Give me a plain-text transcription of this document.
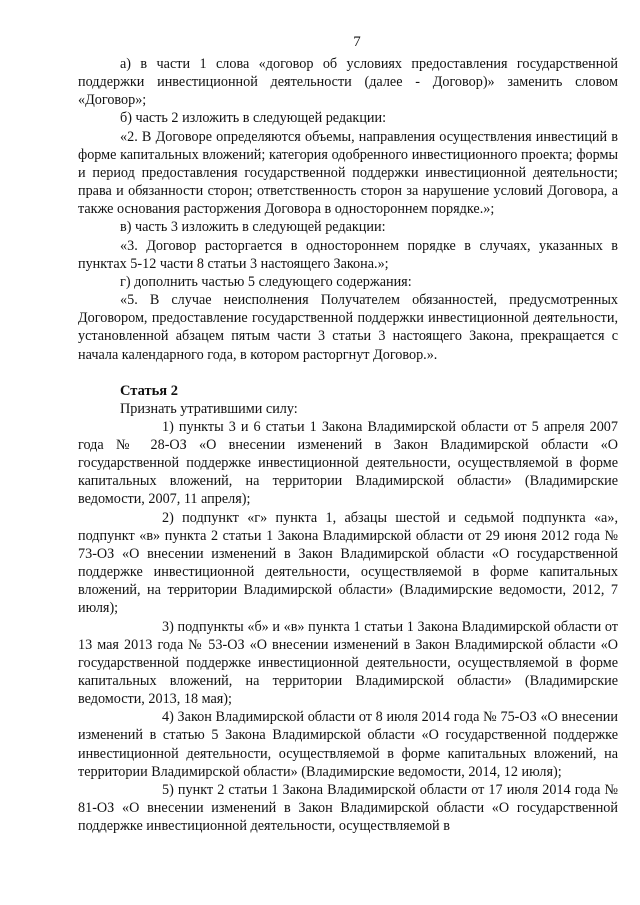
7

а) в части 1 слова «договор об условиях предоставления государственной поддержки инвестиционной деятельности (далее - Договор)» заменить словом «Договор»;

б) часть 2 изложить в следующей редакции:

«2. В Договоре определяются объемы, направления осуществления инвестиций в форме капитальных вложений; категория одобренного инвестиционного проекта; формы и период предоставления государственной поддержки инвестиционной деятельности; права и обязанности сторон; ответственность сторон за нарушение условий Договора, а также основания расторжения Договора в одностороннем порядке.»;

в) часть 3 изложить в следующей редакции:

«3. Договор расторгается в одностороннем порядке в случаях, указанных в пунктах 5-12 части 8 статьи 3 настоящего Закона.»;

г) дополнить частью 5 следующего содержания:

«5. В случае неисполнения Получателем обязанностей, предусмотренных Договором, предоставление государственной поддержки инвестиционной деятельности, установленной абзацем пятым части 3 статьи 3 настоящего Закона, прекращается с начала календарного года, в котором расторгнут Договор.».

Статья 2

Признать утратившими силу:

1) пункты 3 и 6 статьи 1 Закона Владимирской области от 5 апреля 2007 года № 28-ОЗ «О внесении изменений в Закон Владимирской области «О государственной поддержке инвестиционной деятельности, осуществляемой в форме капитальных вложений, на территории Владимирской области» (Владимирские ведомости, 2007, 11 апреля);

2) подпункт «г» пункта 1, абзацы шестой и седьмой подпункта «а», подпункт «в» пункта 2 статьи 1 Закона Владимирской области от 29 июня 2012 года № 73-ОЗ «О внесении изменений в Закон Владимирской области «О государственной поддержке инвестиционной деятельности, осуществляемой в форме капитальных вложений, на территории Владимирской области» (Владимирские ведомости, 2012, 7 июля);

3) подпункты «б» и «в» пункта 1 статьи 1 Закона Владимирской области от 13 мая 2013 года № 53-ОЗ «О внесении изменений в Закон Владимирской области «О государственной поддержке инвестиционной деятельности, осуществляемой в форме капитальных вложений, на территории Владимирской области» (Владимирские ведомости, 2013, 18 мая);

4) Закон Владимирской области от 8 июля 2014 года № 75-ОЗ «О внесении изменений в статью 5 Закона Владимирской области «О государственной поддержке инвестиционной деятельности, осуществляемой в форме капитальных вложений, на территории Владимирской области» (Владимирские ведомости, 2014, 12 июля);

5) пункт 2 статьи 1 Закона Владимирской области от 17 июля 2014 года № 81-ОЗ «О внесении изменений в Закон Владимирской области «О государственной поддержке инвестиционной деятельности, осуществляемой в
